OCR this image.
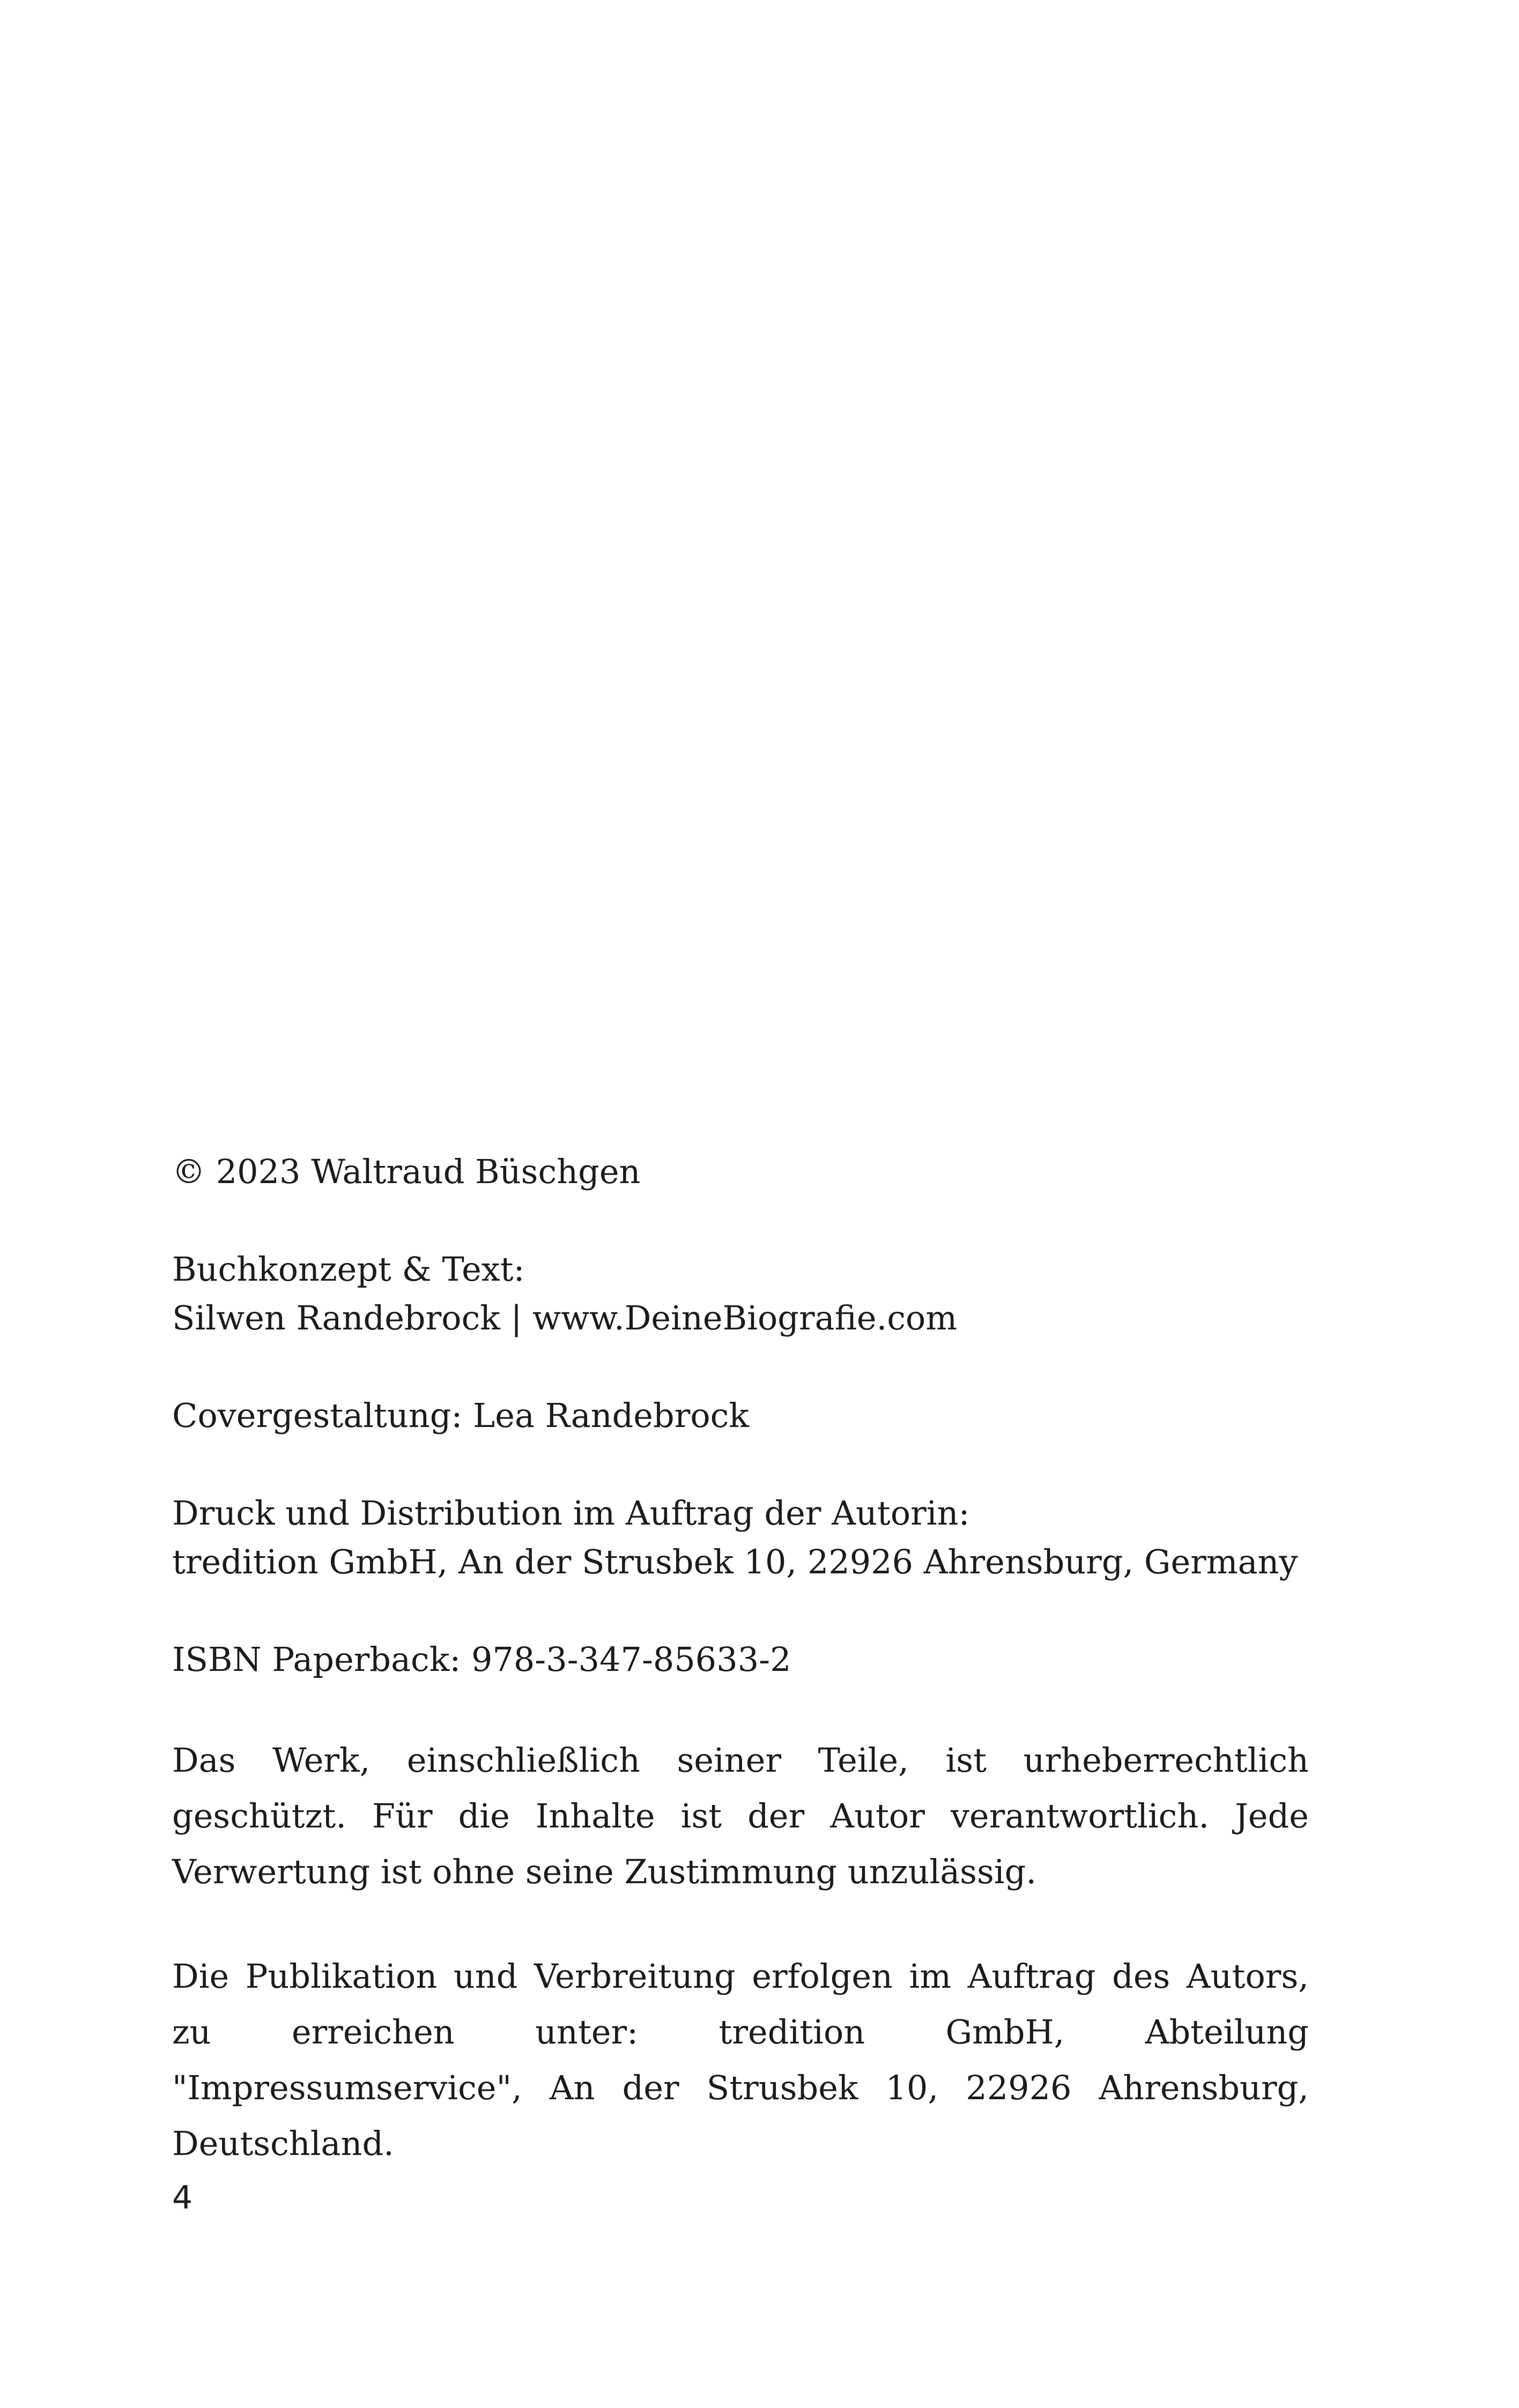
© 2023 Waltraud Büschgen

Buchkonzept & Text:

Silwen Randebrock | www.DeineBiografie.com

Covergestaltung: Lea Randebrock

Druck und Distribution im Auftrag der Autorin:

tredition GmbH, An der Strusbek 10, 22926 Ahrensburg, Germany

ISBN Paperback: 978-3-347-85633-2

Das Werk, einschließlich seiner Teile, ist urheberrechtlich geschützt. Für die Inhalte ist der Autor verantwortlich. Jede Verwertung ist ohne seine Zustimmung unzulässig.

Die Publikation und Verbreitung erfolgen im Auftrag des Autors, zu erreichen unter: tredition GmbH, Abteilung "Impressumservice", An der Strusbek 10, 22926 Ahrensburg, Deutschland.

4
